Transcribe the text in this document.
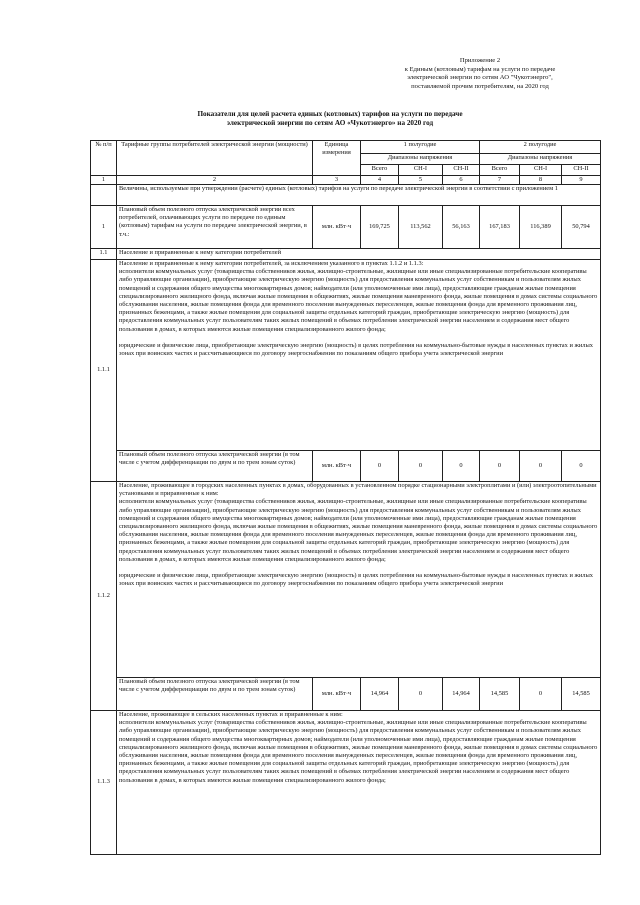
Приложение 2
к Единым (котловым) тарифам на услуги по передаче
электрической энергии по сетям АО "Чукотэнерго",
поставляемой прочим потребителям, на 2020 год
Показатели для целей расчета единых (котловых) тарифов на услуги по передаче
электрической энергии по сетям АО «Чукотэнерго» на 2020 год
№ п/п	Тарифные группы потребителей электрической энергии (мощности)	Единица измерения	1 полугодие			2 полугодие		
			Диапазоны напряжения			Диапазоны напряжения		
			Всего	СН-I	СН-II	Всего	СН-I	СН-II
1	2	3	4	5	6	7	8	9
	Величины, используемые при утверждении (расчете) единых (котловых) тарифов на услуги по передаче электрической энергии в соответствии с приложением 1							
1	Плановый объем полезного отпуска электрической энергии всех потребителей, оплачивающих услуги по передаче по единым (котловым) тарифам на услуги по передаче электрической энергии, в т.ч.:	млн. кВт·ч	169,725	113,562	56,163	167,183	116,389	50,794
1.1	Население и приравненные к нему категории потребителей							
1.1.1	Население и приравненные к нему категории потребителей, за исключением указанного в пунктах 1.1.2 и 1.1.3:
исполнители коммунальных услуг (товарищества собственников жилья, жилищно-строительные, жилищные или иные специализированные потребительские кооперативы либо управляющие организации), приобретающие электрическую энергию (мощность) для предоставления коммунальных услуг собственникам и пользователям жилых помещений и содержания общего имущества многоквартирных домов; наймодатели (или уполномоченные ими лица), предоставляющие гражданам жилые помещения специализированного жилищного фонда, включая жилые помещения в общежитиях, жилые помещения маневренного фонда, жилые помещения в домах системы социального обслуживания населения, жилые помещения фонда для временного поселения вынужденных переселенцев, жилые помещения фонда для временного проживания лиц, признанных беженцами, а также жилые помещения для социальной защиты отдельных категорий граждан, приобретающие электрическую энергию (мощность) для предоставления коммунальных услуг пользователям таких жилых помещений в объемах потребления электрической энергии населением и содержания мест общего пользования в домах, в которых имеются жилые помещения специализированного жилого фонда;
юридические и физические лица, приобретающие электрическую энергию (мощность) в целях потребления на коммунально-бытовые нужды в населенных пунктах и жилых зонах при воинских частях и рассчитывающиеся по договору энергоснабжения по показаниям общего прибора учета электрической энергии							

	Плановый объем полезного отпуска электрической энергии (в том числе с учетом дифференциации по двум и по трем зонам суток)	млн. кВт·ч	0	0	0	0	0	0
1.1.2	Население, проживающее в городских населенных пунктах в домах, оборудованных в установленном порядке стационарными электроплитами и (или) электроотопительными установками и приравненные к ним:
исполнители коммунальных услуг (товарищества собственников жилья, жилищно-строительные, жилищные или иные специализированные потребительские кооперативы либо управляющие организации), приобретающие электрическую энергию (мощность) для предоставления коммунальных услуг собственникам и пользователям жилых помещений и содержания общего имущества многоквартирных домов; наймодатели (или уполномоченные ими лица), предоставляющие гражданам жилые помещения специализированного жилищного фонда, включая жилые помещения в общежитиях, жилые помещения маневренного фонда, жилые помещения в домах системы социального обслуживания населения, жилые помещения фонда для временного поселения вынужденных переселенцев, жилые помещения фонда для временного проживания лиц, признанных беженцами, а также жилые помещения для социальной защиты отдельных категорий граждан, приобретающие электрическую энергию (мощность) для предоставления коммунальных услуг пользователям таких жилых помещений в объемах потребления электрической энергии населением и содержания мест общего пользования в домах, в которых имеются жилые помещения специализированного жилого фонда;
юридические и физические лица, приобретающие электрическую энергию (мощность) в целях потребления на коммунально-бытовые нужды в населенных пунктах и жилых зонах при воинских частях и рассчитывающиеся по договору энергоснабжения по показаниям общего прибора учета электрической энергии							

	Плановый объем полезного отпуска электрической энергии (в том числе с учетом дифференциации по двум и по трем зонам суток)	млн. кВт·ч	14,964	0	14,964	14,585	0	14,585
1.1.3	Население, проживающее в сельских населенных пунктах и приравненные к ним:
исполнители коммунальных услуг (товарищества собственников жилья, жилищно-строительные, жилищные или иные специализированные потребительские кооперативы либо управляющие организации), приобретающие электрическую энергию (мощность) для предоставления коммунальных услуг собственникам и пользователям жилых помещений и содержания общего имущества многоквартирных домов; наймодатели (или уполномоченные ими лица), предоставляющие гражданам жилые помещения специализированного жилищного фонда, включая жилые помещения в общежитиях, жилые помещения маневренного фонда, жилые помещения в домах системы социального обслуживания населения, жилые помещения фонда для временного поселения вынужденных переселенцев, жилые помещения фонда для временного проживания лиц, признанных беженцами, а также жилые помещения для социальной защиты отдельных категорий граждан, приобретающие электрическую энергию (мощность) для предоставления коммунальных услуг пользователям таких жилых помещений в объемах потребления электрической энергии населением и содержания мест общего пользования в домах, в которых имеются жилые помещения специализированного жилого фонда;							
